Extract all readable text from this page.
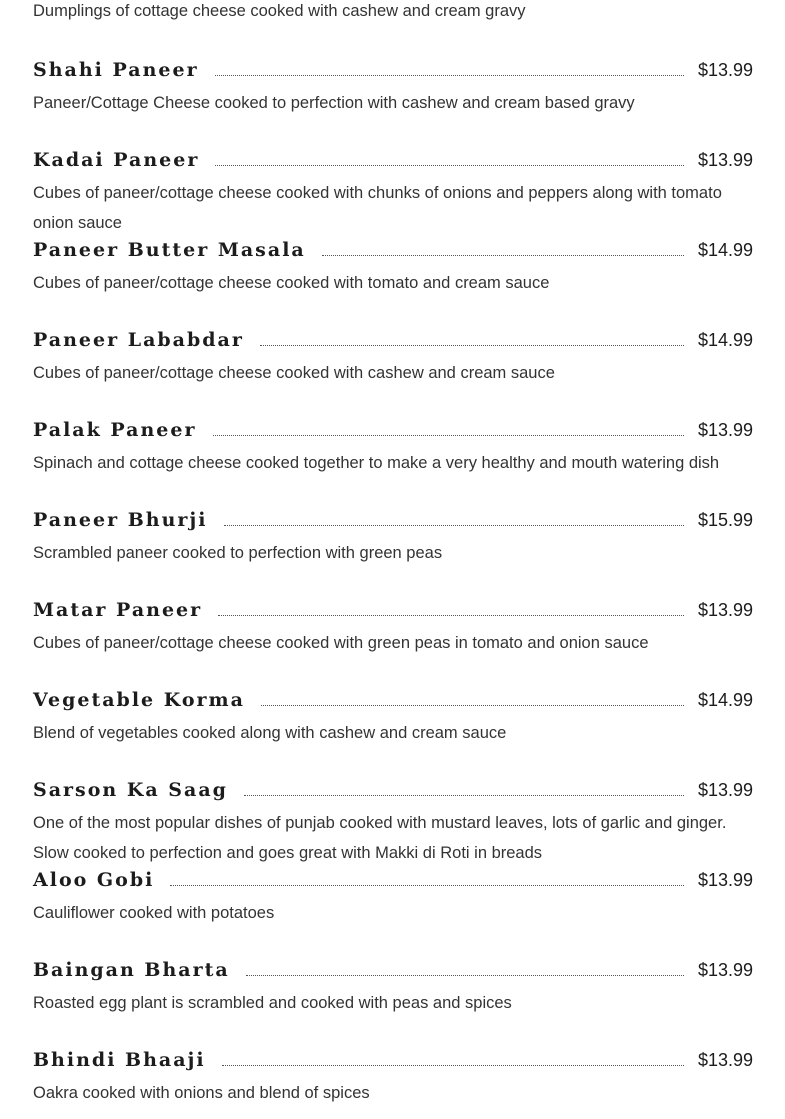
Dumplings of cottage cheese cooked with cashew and cream gravy
Shahi Paneer	$13.99
Paneer/Cottage Cheese cooked to perfection with cashew and cream based gravy
Kadai Paneer	$13.99
Cubes of paneer/cottage cheese cooked with chunks of onions and peppers along with tomato onion sauce
Paneer Butter Masala	$14.99
Cubes of paneer/cottage cheese cooked with tomato and cream sauce
Paneer Lababdar	$14.99
Cubes of paneer/cottage cheese cooked with cashew and cream sauce
Palak Paneer	$13.99
Spinach and cottage cheese cooked together to make a very healthy and mouth watering dish
Paneer Bhurji	$15.99
Scrambled paneer cooked to perfection with green peas
Matar Paneer	$13.99
Cubes of paneer/cottage cheese cooked with green peas in tomato and onion sauce
Vegetable Korma	$14.99
Blend of vegetables cooked along with cashew and cream sauce
Sarson Ka Saag	$13.99
One of the most popular dishes of punjab cooked with mustard leaves, lots of garlic and ginger. Slow cooked to perfection and goes great with Makki di Roti in breads
Aloo Gobi	$13.99
Cauliflower cooked with potatoes
Baingan Bharta	$13.99
Roasted egg plant is scrambled and cooked with peas and spices
Bhindi Bhaaji	$13.99
Oakra cooked with onions and blend of spices
